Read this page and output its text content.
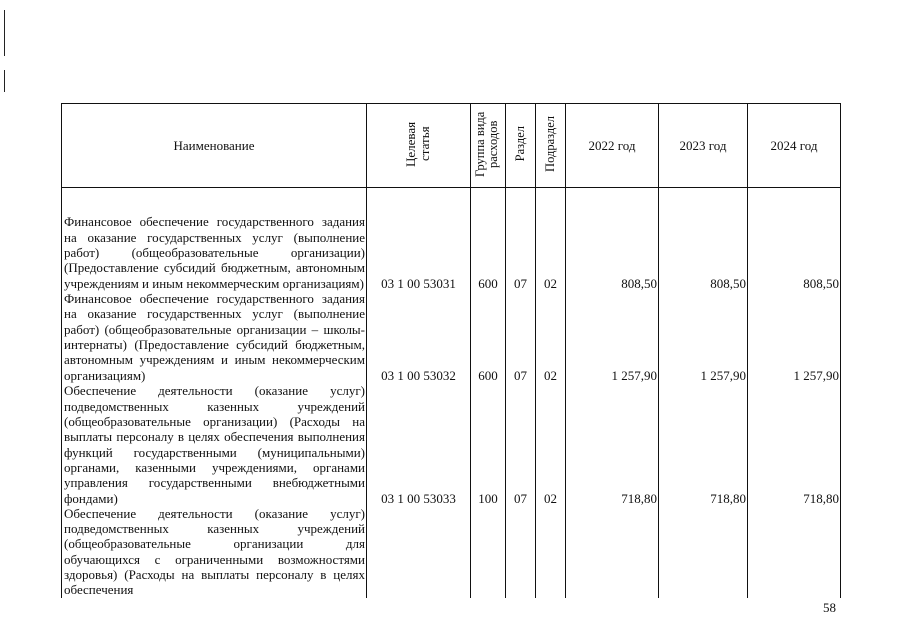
Наименование	Целевая статья	Группа вида расходов	Раздел	Подраздел	2022 год	2023 год	2024 год
Финансовое обеспечение государственного задания на оказание государственных услуг (выполнение работ) (общеобразовательные организации) (Предоставление субсидий бюджетным, автономным учреждениям и иным некоммерческим организациям)	03 1 00 53031	600	07	02	808,50	808,50	808,50
Финансовое обеспечение государственного задания на оказание государственных услуг (выполнение работ) (общеобразовательные организации – школы-интернаты) (Предоставление субсидий бюджетным, автономным учреждениям и иным некоммерческим организациям)	03 1 00 53032	600	07	02	1 257,90	1 257,90	1 257,90
Обеспечение деятельности (оказание услуг) подведомственных казенных учреждений (общеобразовательные организации) (Расходы на выплаты персоналу в целях обеспечения выполнения функций государственными (муниципальными) органами, казенными учреждениями, органами управления государственными внебюджетными фондами)	03 1 00 53033	100	07	02	718,80	718,80	718,80
Обеспечение деятельности (оказание услуг) подведомственных казенных учреждений (общеобразовательные организации для обучающихся с ограниченными возможностями здоровья) (Расходы на выплаты персоналу в целях обеспечения							
58
